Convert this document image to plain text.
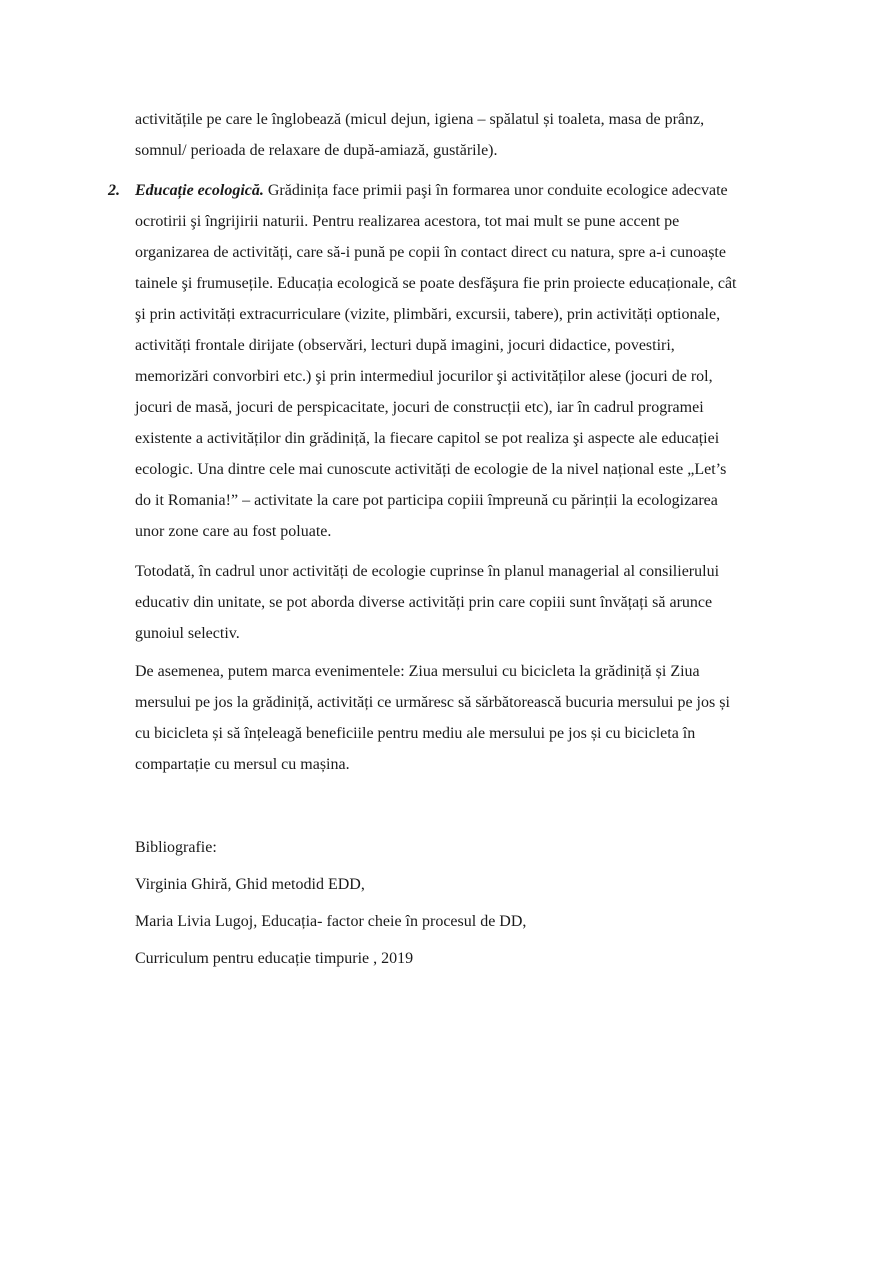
activitățile pe care le înglobează (micul dejun, igiena – spălatul și toaleta, masa de prânz,
somnul/ perioada de relaxare de după-amiază, gustările).
2. Educație ecologică. Grădinița face primii paşi în formarea unor conduite ecologice adecvate
ocrotirii şi îngrijirii naturii. Pentru realizarea acestora, tot mai mult se pune accent pe
organizarea de activități, care să-i pună pe copii în contact direct cu natura, spre a-i cunoaște
tainele şi frumusețile. Educația ecologică se poate desfăşura fie prin proiecte educaționale, cât
şi prin activități extracurriculare (vizite, plimbări, excursii, tabere), prin activități optionale,
activități frontale dirijate (observări, lecturi după imagini, jocuri didactice, povestiri,
memorizări convorbiri etc.) şi prin intermediul jocurilor şi activităților alese (jocuri de rol,
jocuri de masă, jocuri de perspicacitate, jocuri de construcții etc), iar în cadrul programei
existente a activităților din grădiniță, la fiecare capitol se pot realiza şi aspecte ale educației
ecologic. Una dintre cele mai cunoscute activități de ecologie de la nivel național este „Let’s
do it Romania!” – activitate la care pot participa copiii împreună cu părinții la ecologizarea
unor zone care au fost poluate.
Totodată, în cadrul unor activități de ecologie cuprinse în planul managerial al consilierului
educativ din unitate, se pot aborda diverse activități prin care copiii sunt învățați să arunce
gunoiul selectiv.
De asemenea, putem marca evenimentele: Ziua mersului cu bicicleta la grădiniță și Ziua
mersului pe jos la grădiniță, activități ce urmăresc să sărbătorească bucuria mersului pe jos și
cu bicicleta și să înțeleagă beneficiile pentru mediu ale mersului pe jos și cu bicicleta în
compartație cu mersul cu mașina.
Bibliografie:
Virginia Ghiră, Ghid metodid EDD,
Maria Livia Lugoj, Educația- factor cheie în procesul de DD,
Curriculum pentru educație timpurie , 2019
